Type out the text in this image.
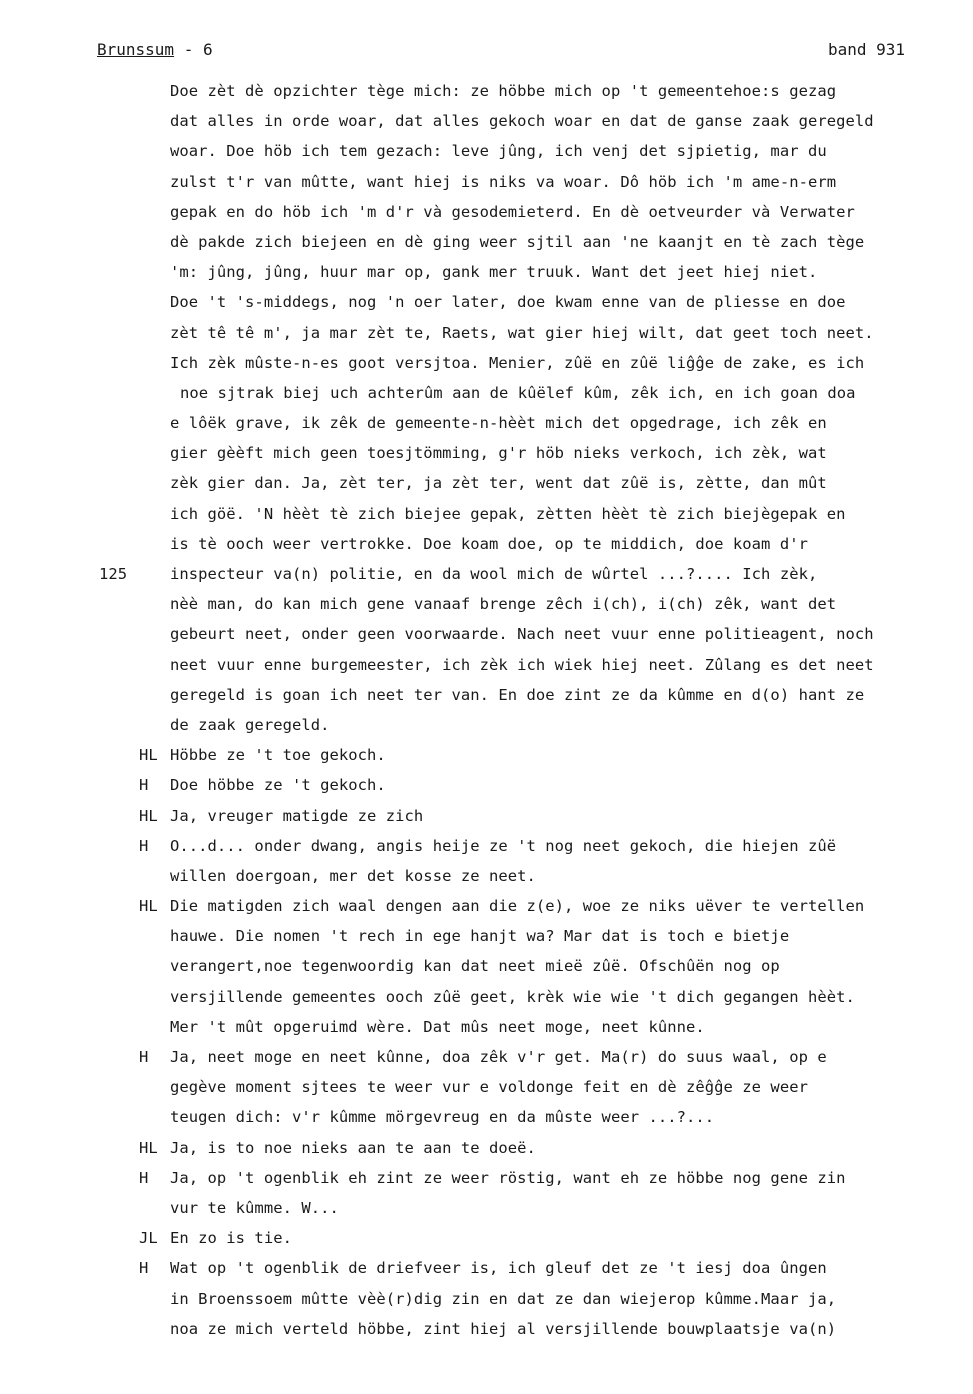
Brunssum - 6	band 931
Doe zèt dè opzichter tège mich: ze höbbe mich op 't gemeentehoe:s gezag
dat alles in orde woar, dat alles gekoch woar en dat de ganse zaak geregeld
woar. Doe höb ich tem gezach: leve jûng, ich venj det sjpietig, mar du
zulst t'r van mûtte, want hiej is niks va woar. Dô höb ich 'm ame-n-erm
gepak en do höb ich 'm d'r và gesodemieterd. En dè oetveurder và Verwater
dè pakde zich biejeen en dè ging weer sjtil aan 'ne kaanjt en tè zach tège
'm: jûng, jûng, huur mar op, gank mer truuk. Want det jeet hiej niet.
Doe 't 's-middegs, nog 'n oer later, doe kwam enne van de pliesse en doe
zèt tê tê m', ja mar zèt te, Raets, wat gier hiej wilt, dat geet toch neet.
Ich zèk mûste-n-es goot versjtoa. Menier, zûë en zûë liĝĝe de zake, es ich
noe sjtrak biej uch achterûm aan de kûëlef kûm, zêk ich, en ich goan doa
e lôëk grave, ik zêk de gemeente-n-hèèt mich det opgedrage, ich zêk en
gier gèèft mich geen toesjtömming, g'r höb nieks verkoch, ich zèk, wat
zèk gier dan. Ja, zèt ter, ja zèt ter, went dat zûë is, zètte, dan mût
ich göë. 'N hèèt tè zich biejee gepak, zètten hèèt tè zich biejègepak en
is tè ooch weer vertrokke. Doe koam doe, op te middich, doe koam d'r
125	inspecteur va(n) politie, en da wool mich de wûrtel ...?.... Ich zèk,
nèè man, do kan mich gene vanaaf brenge zêch i(ch), i(ch) zêk, want det
gebeurt neet, onder geen voorwaarde. Nach neet vuur enne politieagent, noch
neet vuur enne burgemeester, ich zèk ich wiek hiej neet. Zûlang es det neet
geregeld is goan ich neet ter van. En doe zint ze da kûmme en d(o) hant ze
de zaak geregeld.
HL Höbbe ze 't toe gekoch.
H Doe höbbe ze 't gekoch.
HL Ja, vreuger matigde ze zich
H O...d... onder dwang, angis heije ze 't nog neet gekoch, die hiejen zûë
willen doergoan, mer det kosse ze neet.
HL Die matigden zich waal dengen aan die z(e), woe ze niks uëver te vertellen
hauwe. Die nomen 't rech in ege hanjt wa? Mar dat is toch e bietje
verangert,noe tegenwoordig kan dat neet mieë zûë. Ofschûën nog op
versjillende gemeentes ooch zûë geet, krèk wie wie 't dich gegangen hèèt.
Mer 't mût opgeruimd wère. Dat mûs neet moge, neet kûnne.
H Ja, neet moge en neet kûnne, doa zêk v'r get. Ma(r) do suus waal, op e
gegève moment sjtees te weer vur e voldonge feit en dè zêĝĝe ze weer
teugen dich: v'r kûmme mörgevreug en da mûste weer ...?...
HL Ja, is to noe nieks aan te aan te doeë.
H Ja, op 't ogenblik eh zint ze weer röstig, want eh ze höbbe nog gene zin
vur te kûmme. W...
JL En zo is tie.
H Wat op 't ogenblik de driefveer is, ich gleuf det ze 't iesj doa ûngen
in Broenssoem mûtte vèè(r)dig zin en dat ze dan wiejerop kûmme.Maar ja,
noa ze mich verteld höbbe, zint hiej al versjillende bouwplaatsje va(n)
